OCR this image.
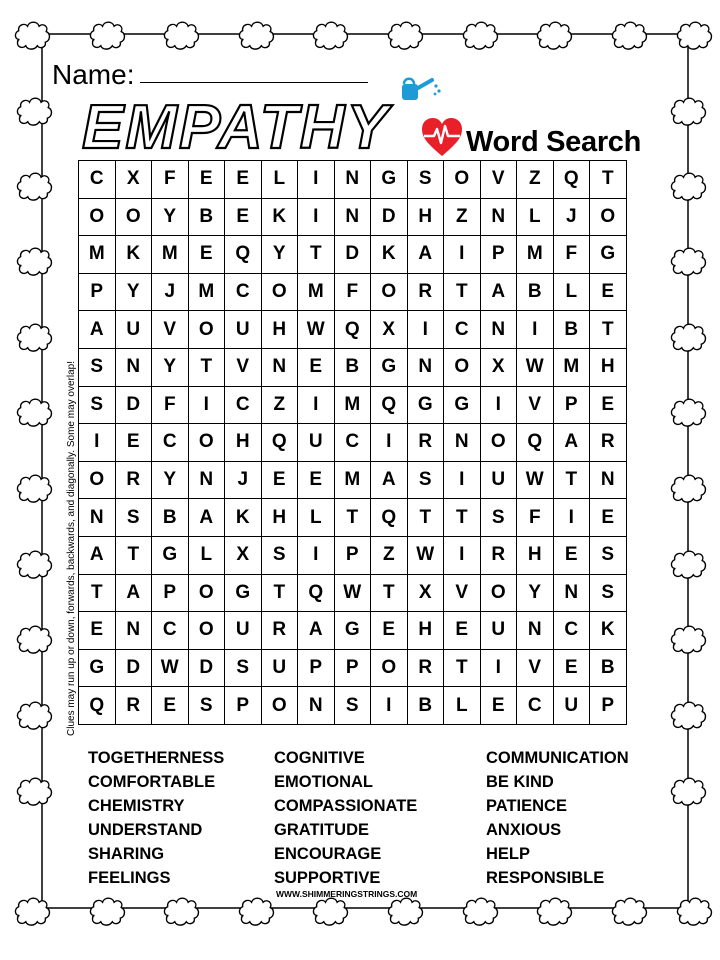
Name:
EMPATHY	Word Search
Clues may run up or down, forwards, backwards, and diagonally. Some may overlap!
C	X	F	E	E	L	I	N	G	S	O	V	Z	Q	T
O	O	Y	B	E	K	I	N	D	H	Z	N	L	J	O
M	K	M	E	Q	Y	T	D	K	A	I	P	M	F	G
P	Y	J	M	C	O	M	F	O	R	T	A	B	L	E
A	U	V	O	U	H	W	Q	X	I	C	N	I	B	T
S	N	Y	T	V	N	E	B	G	N	O	X	W	M	H
S	D	F	I	C	Z	I	M	Q	G	G	I	V	P	E
I	E	C	O	H	Q	U	C	I	R	N	O	Q	A	R
O	R	Y	N	J	E	E	M	A	S	I	U	W	T	N
N	S	B	A	K	H	L	T	Q	T	T	S	F	I	E
A	T	G	L	X	S	I	P	Z	W	I	R	H	E	S
T	A	P	O	G	T	Q	W	T	X	V	O	Y	N	S
E	N	C	O	U	R	A	G	E	H	E	U	N	C	K
G	D	W	D	S	U	P	P	O	R	T	I	V	E	B
Q	R	E	S	P	O	N	S	I	B	L	E	C	U	P
TOGETHERNESS
COMFORTABLE
CHEMISTRY
UNDERSTAND
SHARING
FEELINGS
COGNITIVE
EMOTIONAL
COMPASSIONATE
GRATITUDE
ENCOURAGE
SUPPORTIVE
COMMUNICATION
BE KIND
PATIENCE
ANXIOUS
HELP
RESPONSIBLE
WWW.SHIMMERINGSTRINGS.COM
